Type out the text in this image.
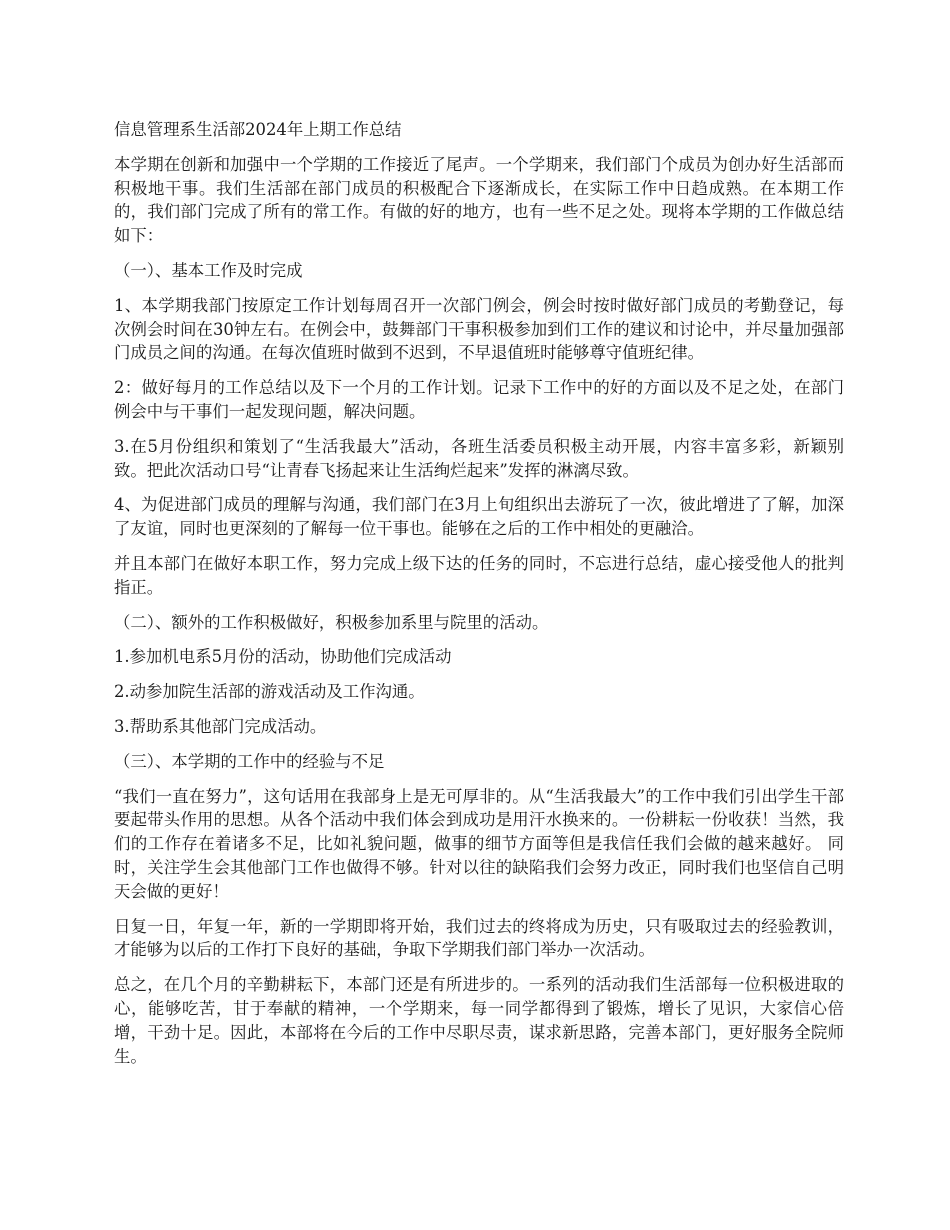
信息管理系生活部2024年上期工作总结

本学期在创新和加强中一个学期的工作接近了尾声。一个学期来，我们部门个成员为创办好生活部而积极地干事。我们生活部在部门成员的积极配合下逐渐成长，在实际工作中日趋成熟。在本期工作的，我们部门完成了所有的常工作。有做的好的地方，也有一些不足之处。现将本学期的工作做总结如下：

（一）、基本工作及时完成

1、本学期我部门按原定工作计划每周召开一次部门例会，例会时按时做好部门成员的考勤登记，每次例会时间在30钟左右。在例会中，鼓舞部门干事积极参加到们工作的建议和讨论中，并尽量加强部门成员之间的沟通。在每次值班时做到不迟到，不早退值班时能够尊守值班纪律。

2：做好每月的工作总结以及下一个月的工作计划。记录下工作中的好的方面以及不足之处，在部门例会中与干事们一起发现问题，解决问题。

3.在5月份组织和策划了“生活我最大”活动，各班生活委员积极主动开展，内容丰富多彩，新颖别致。把此次活动口号“让青春飞扬起来让生活绚烂起来”发挥的淋漓尽致。

4、为促进部门成员的理解与沟通，我们部门在3月上旬组织出去游玩了一次，彼此增进了了解，加深了友谊，同时也更深刻的了解每一位干事也。能够在之后的工作中相处的更融洽。

并且本部门在做好本职工作，努力完成上级下达的任务的同时，不忘进行总结，虚心接受他人的批判指正。

（二）、额外的工作积极做好，积极参加系里与院里的活动。

1.参加机电系5月份的活动，协助他们完成活动

2.动参加院生活部的游戏活动及工作沟通。

3.帮助系其他部门完成活动。

（三）、本学期的工作中的经验与不足

“我们一直在努力”，这句话用在我部身上是无可厚非的。从“生活我最大”的工作中我们引出学生干部要起带头作用的思想。从各个活动中我们体会到成功是用汗水换来的。一份耕耘一份收获！当然，我们的工作存在着诸多不足，比如礼貌问题，做事的细节方面等但是我信任我们会做的越来越好。 同时，关注学生会其他部门工作也做得不够。针对以往的缺陷我们会努力改正，同时我们也坚信自己明天会做的更好！

日复一日，年复一年，新的一学期即将开始，我们过去的终将成为历史，只有吸取过去的经验教训，才能够为以后的工作打下良好的基础，争取下学期我们部门举办一次活动。

总之，在几个月的辛勤耕耘下，本部门还是有所进步的。一系列的活动我们生活部每一位积极进取的心，能够吃苦，甘于奉献的精神，一个学期来，每一同学都得到了锻炼，增长了见识，大家信心倍增，干劲十足。因此，本部将在今后的工作中尽职尽责，谋求新思路，完善本部门，更好服务全院师生。
